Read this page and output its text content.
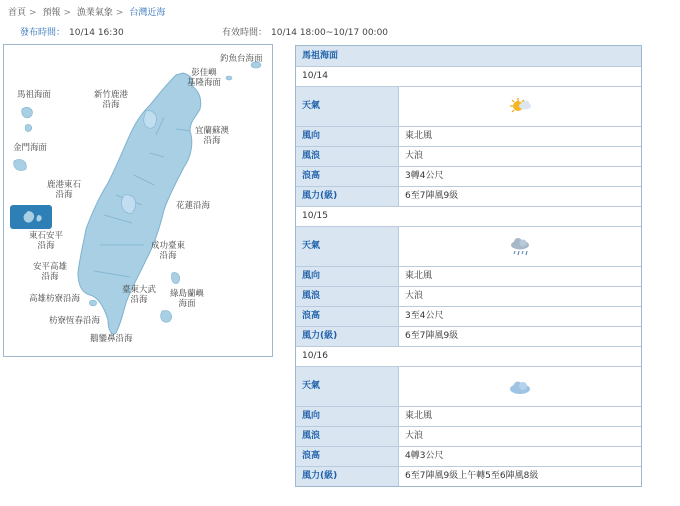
首頁 > 預報 > 漁業氣象 > 台灣近海
發布時間： 10/14 16:30	有效時間： 10/14 18:00~10/17 00:00
釣魚台海面
彭佳嶼
基隆海面
馬祖海面	新竹鹿港
沿海
宜蘭蘇澳
沿海
金門海面
鹿港東石
沿海
澎湖海面
花蓮沿海
東石安平
沿海	成功臺東
沿海
安平高雄
沿海
臺東大武
沿海
綠島蘭嶼
海面
高雄枋寮沿海
枋寮恆春沿海
鵝鑾鼻沿海
馬祖海面
10/14
天氣
風向	東北風
風浪	大浪
浪高	3轉4公尺
風力(級)	6至7陣風9級
10/15
天氣
風向	東北風
風浪	大浪
浪高	3至4公尺
風力(級)	6至7陣風9級
10/16
天氣
風向	東北風
風浪	大浪
浪高	4轉3公尺
風力(級)	6至7陣風9級上午轉5至6陣風8級
